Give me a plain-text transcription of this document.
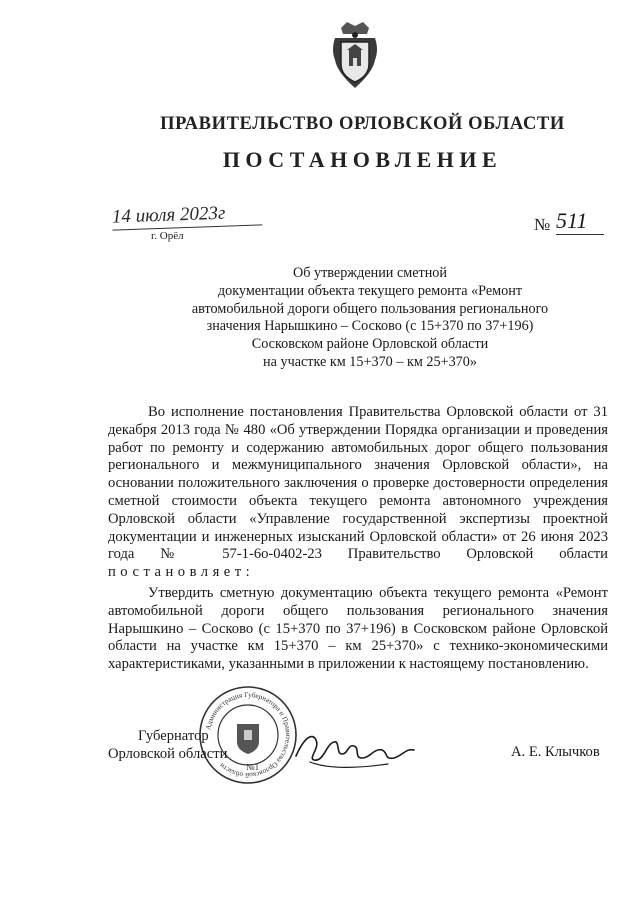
ПРАВИТЕЛЬСТВО ОРЛОВСКОЙ ОБЛАСТИ
ПОСТАНОВЛЕНИЕ
14 июля 2023г
г. Орёл
№ 511
Об утверждении сметной
документации объекта текущего ремонта «Ремонт
автомобильной дороги общего пользования регионального
значения Нарышкино – Сосково (с 15+370 по 37+196)
Сосковском районе Орловской области
на участке км 15+370 – км 25+370»

Во исполнение постановления Правительства Орловской области от 31 декабря 2013 года № 480 «Об утверждении Порядка организации и проведения работ по ремонту и содержанию автомобильных дорог общего пользования регионального и межмуниципального значения Орловской области», на основании положительного заключения о проверке достоверности определения сметной стоимости объекта текущего ремонта автономного учреждения Орловской области «Управление государственной экспертизы проектной документации и инженерных изысканий Орловской области» от 26 июня 2023 года № 57-1-6о-0402-23 Правительство Орловской области постановляет:

Утвердить сметную документацию объекта текущего ремонта «Ремонт автомобильной дороги общего пользования регионального значения Нарышкино – Сосково (с 15+370 по 37+196) в Сосковском районе Орловской области на участке км 15+370 – км 25+370» с технико-экономическими характеристиками, указанными в приложении к настоящему постановлению.

Администрация Губернатора и Правительства Орловской области	№1
Губернатор
Орловской области	А. Е. Клычков
